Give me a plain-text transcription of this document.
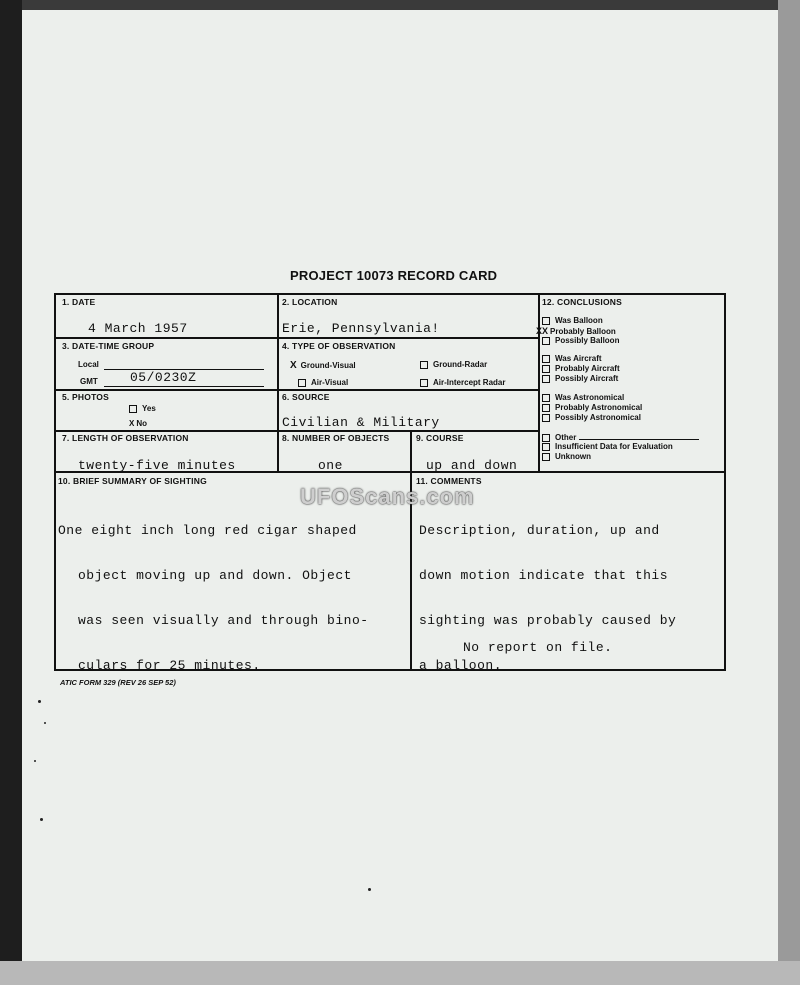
PROJECT 10073 RECORD CARD
1. DATE
4 March 1957
2. LOCATION
Erie, Pennsylvania!
3. DATE-TIME GROUP
Local
GMT 05/0230Z
4. TYPE OF OBSERVATION
X Ground-Visual	Ground-Radar
Air-Visual	Air-Intercept Radar
5. PHOTOS
Yes
X No
6. SOURCE
Civilian & Military
7. LENGTH OF OBSERVATION
twenty-five minutes
8. NUMBER OF OBJECTS
one
9. COURSE
up and down
10. BRIEF SUMMARY OF SIGHTING

One eight inch long red cigar shaped

object moving up and down. Object

was seen visually and through bino-

culars for 25 minutes.

11. COMMENTS

Description, duration, up and

down motion indicate that this

sighting was probably caused by

a balloon.

No report on file.
12. CONCLUSIONS
Was Balloon
XX Probably Balloon
Possibly Balloon
Was Aircraft
Probably Aircraft
Possibly Aircraft
Was Astronomical
Probably Astronomical
Possibly Astronomical
Other
Insufficient Data for Evaluation
Unknown
UFOScans.com
ATIC FORM 329 (REV 26 SEP 52)
